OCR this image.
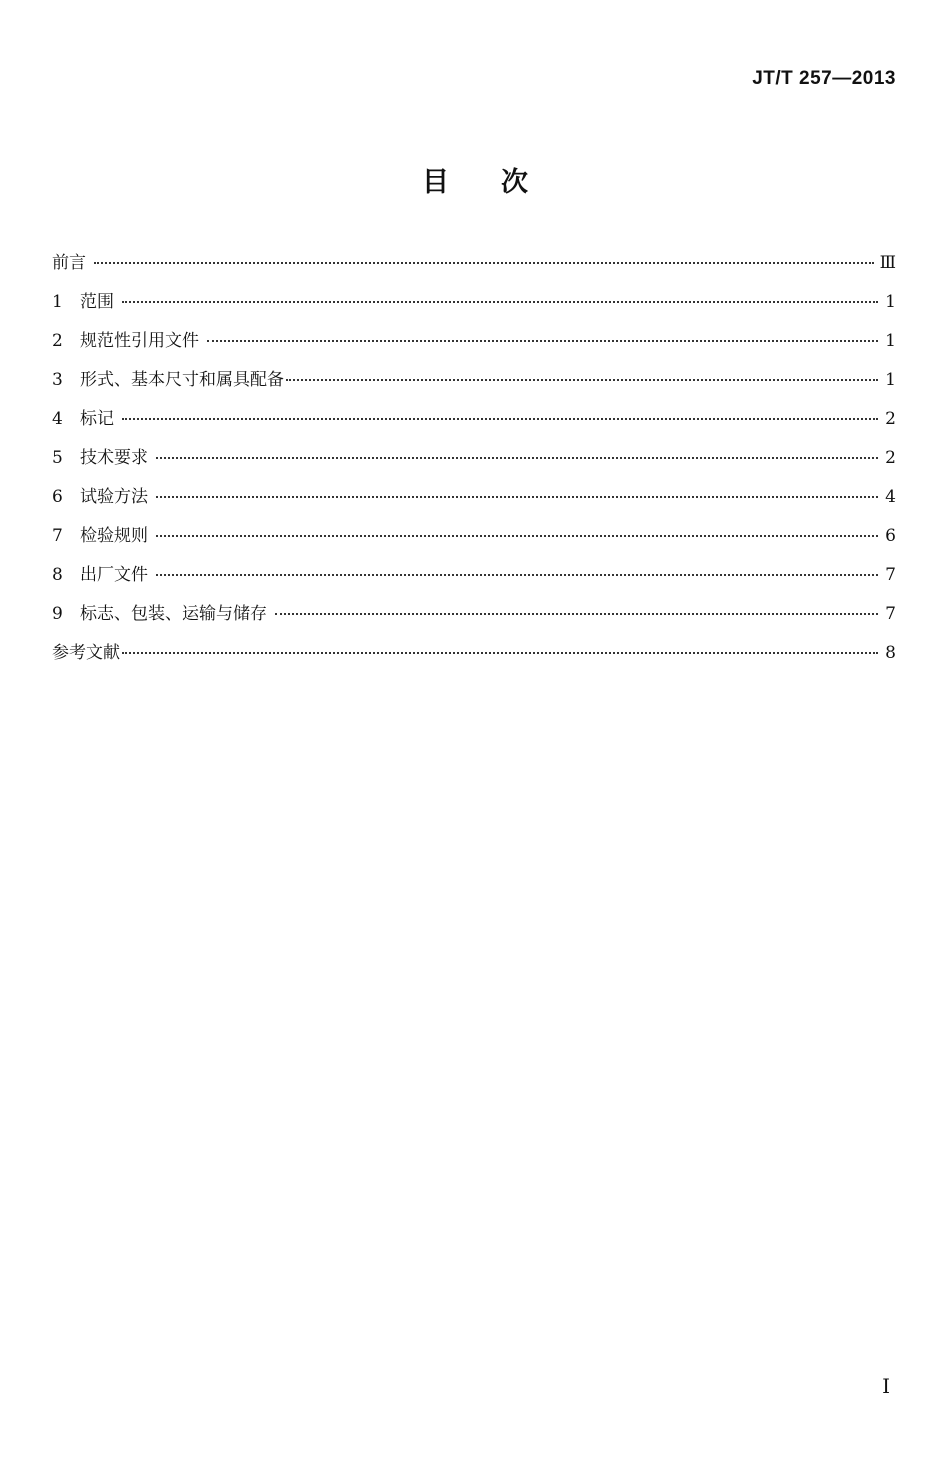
JT/T 257—2013
目次
前言	Ⅲ
1	范围	1
2	规范性引用文件	1
3	形式、基本尺寸和属具配备	1
4	标记	2
5	技术要求	2
6	试验方法	4
7	检验规则	6
8	出厂文件	7
9	标志、包装、运输与储存	7
参考文献	8
I
